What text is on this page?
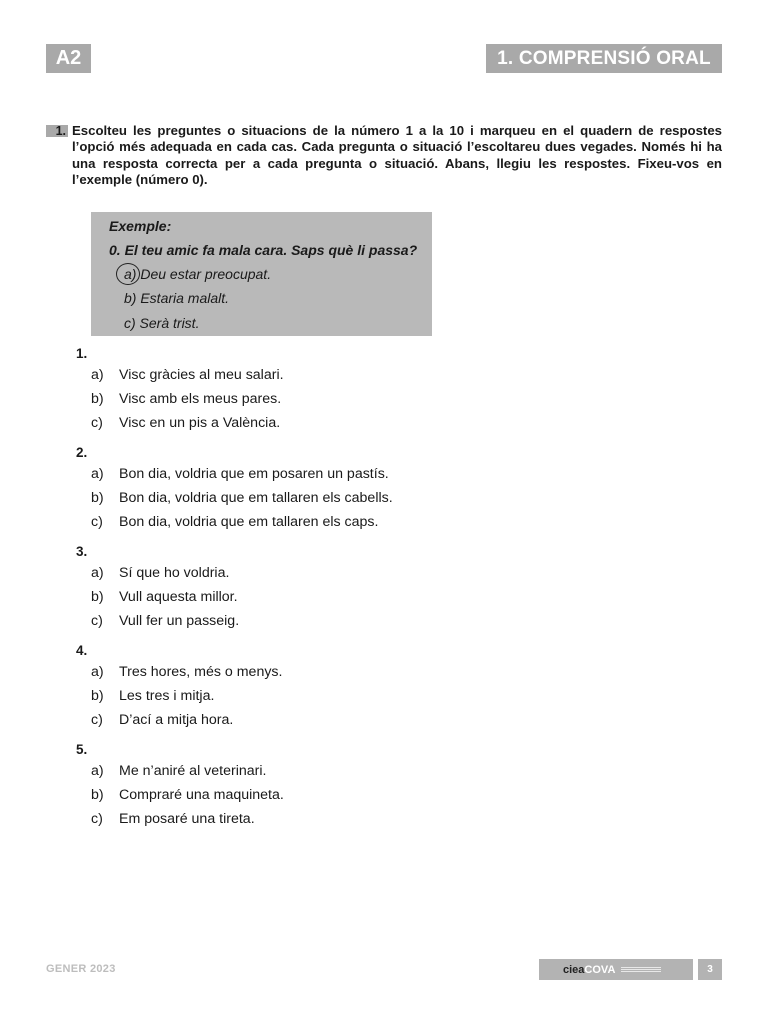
A2	1. COMPRENSIÓ ORAL
1. Escolteu les preguntes o situacions de la número 1 a la 10 i marqueu en el quadern de respostes l’opció més adequada en cada cas. Cada pregunta o situació l’escoltareu dues vegades. Només hi ha una resposta correcta per a cada pregunta o situació. Abans, llegiu les respostes. Fixeu-vos en l’exemple (número 0).
Exemple:
0. El teu amic fa mala cara. Saps què li passa?
a) Deu estar preocupat.
b) Estaria malalt.
c) Serà trist.
1.
a) Visc gràcies al meu salari.
b) Visc amb els meus pares.
c) Visc en un pis a València.
2.
a) Bon dia, voldria que em posaren un pastís.
b) Bon dia, voldria que em tallaren els cabells.
c) Bon dia, voldria que em tallaren els caps.
3.
a) Sí que ho voldria.
b) Vull aquesta millor.
c) Vull fer un passeig.
4.
a) Tres hores, més o menys.
b) Les tres i mitja.
c) D’ací a mitja hora.
5.
a) Me n’aniré al veterinari.
b) Compraré una maquineta.
c) Em posaré una tireta.
GENER 2023	ciea COVA	3
